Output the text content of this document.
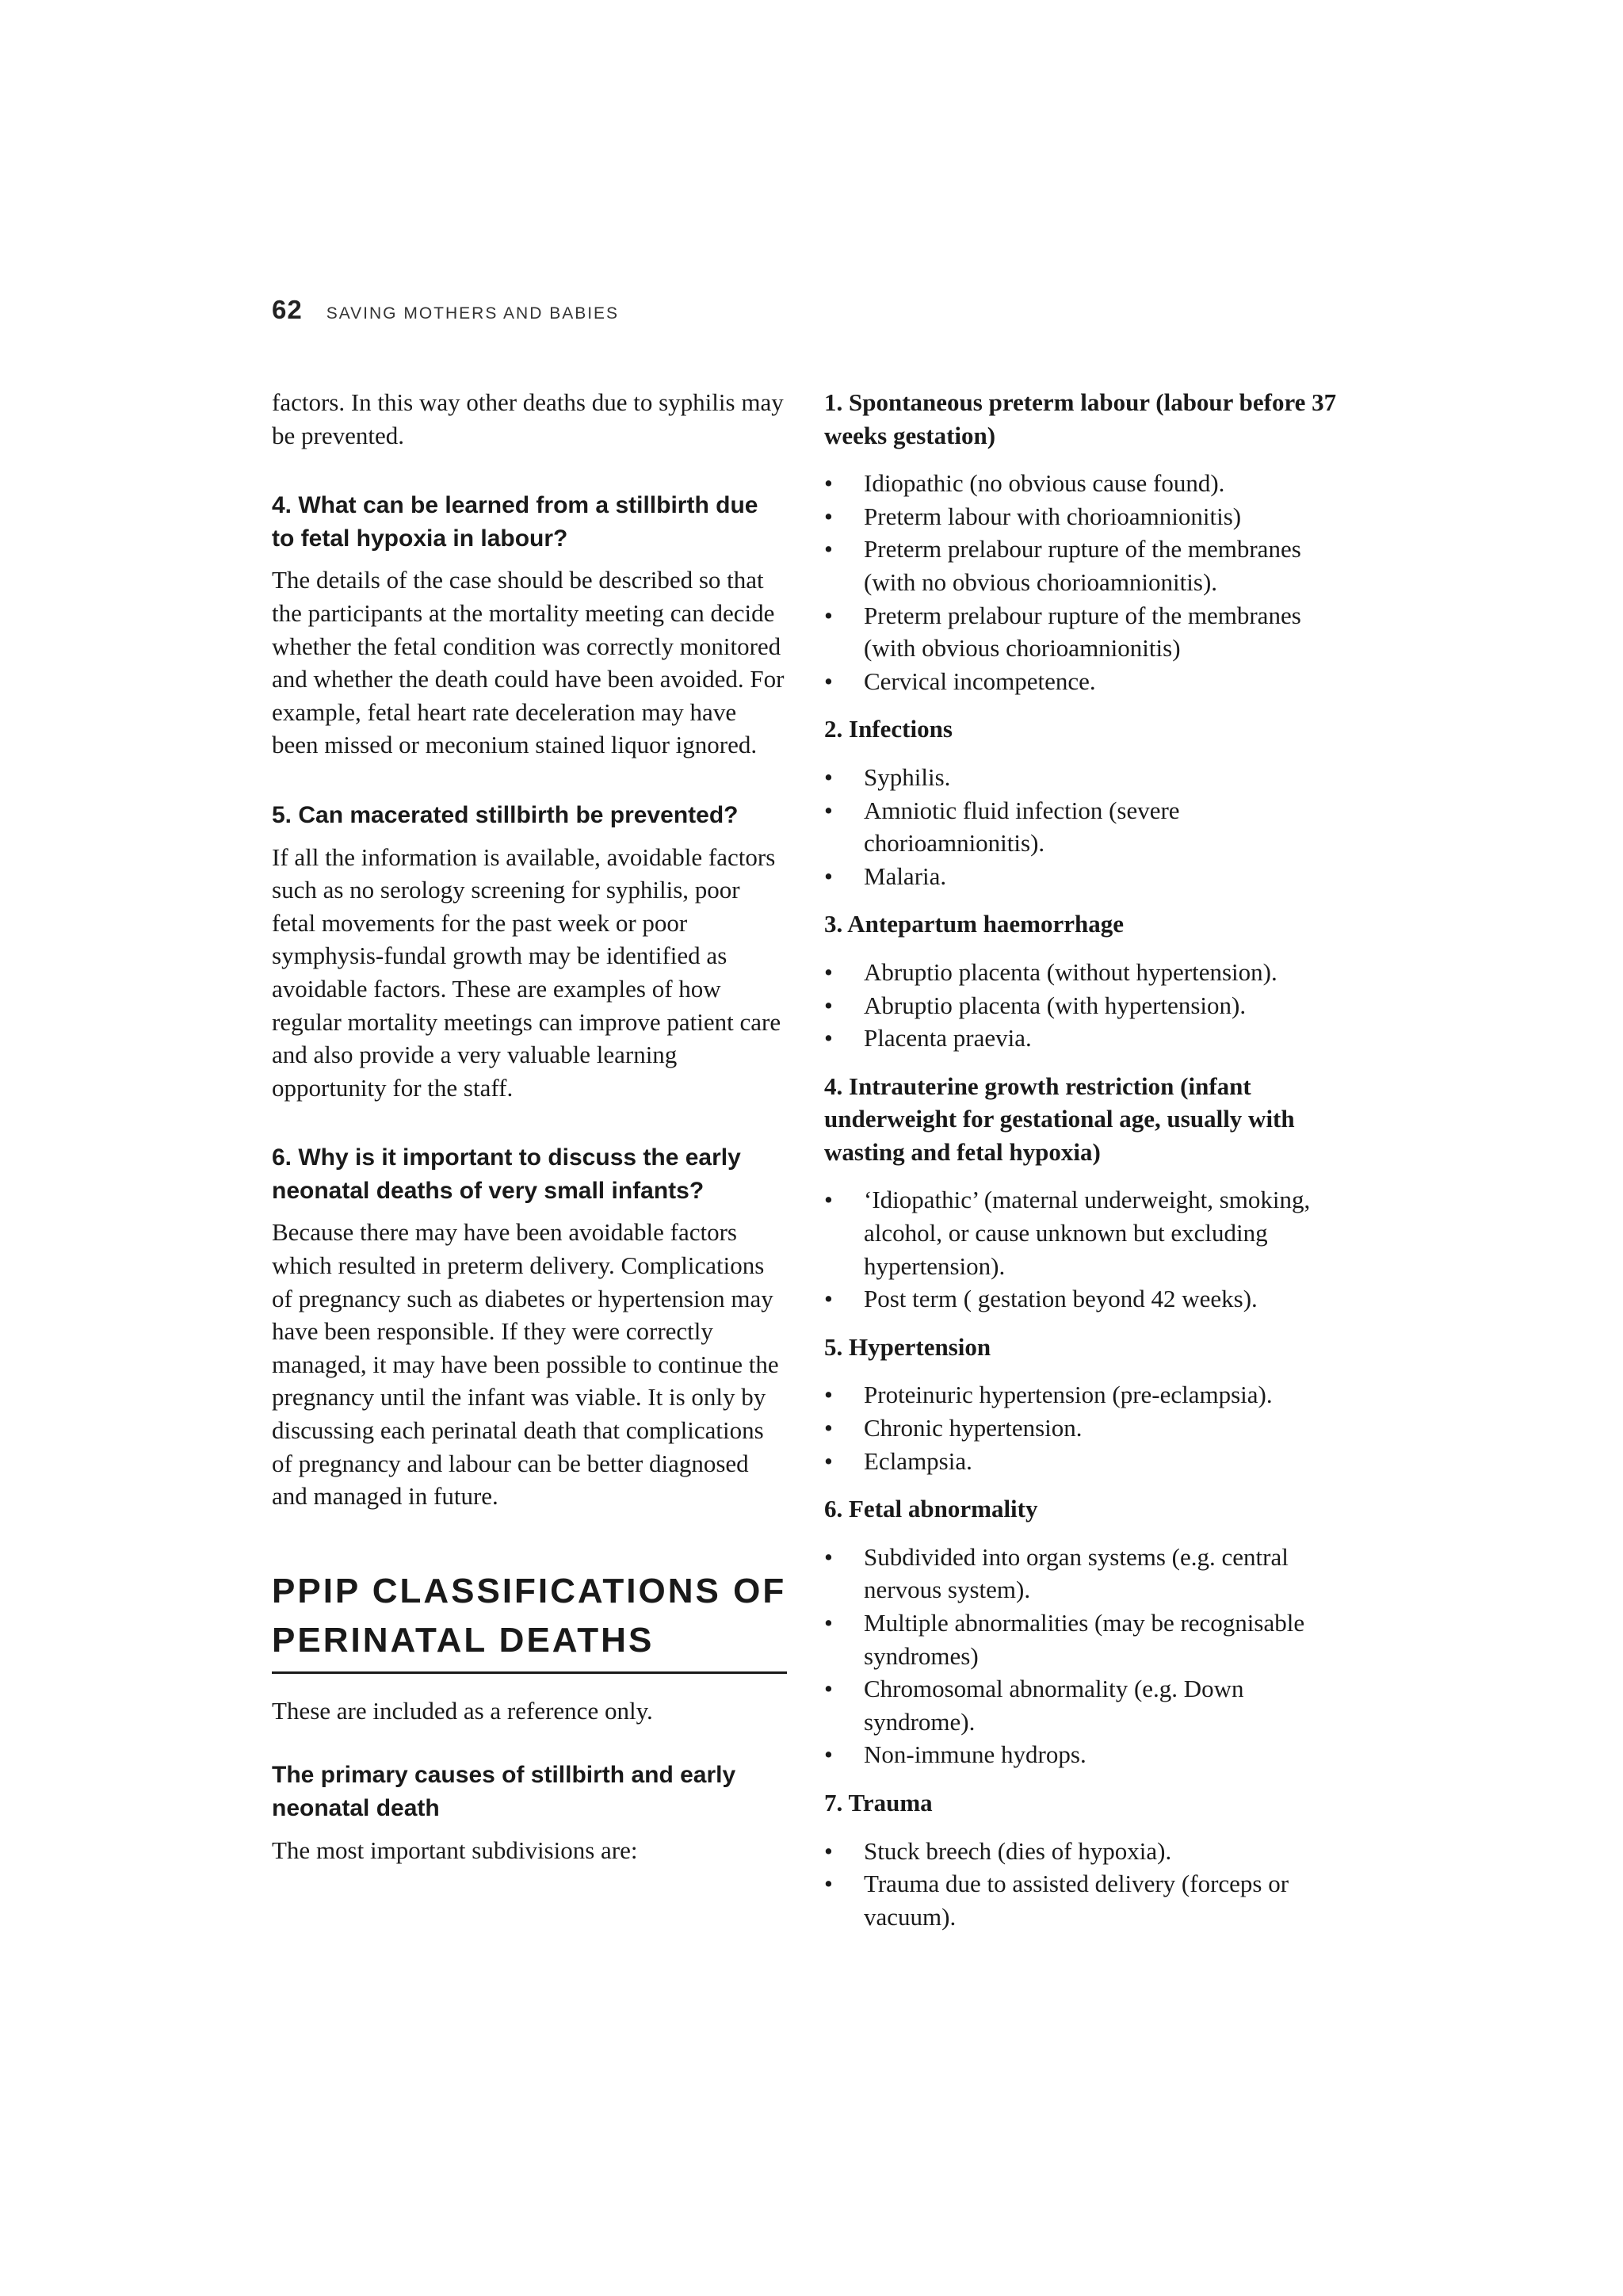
62 SAVING MOTHERS AND BABIES

factors. In this way other deaths due to syphilis may be prevented.

4. What can be learned from a stillbirth due to fetal hypoxia in labour?

The details of the case should be described so that the participants at the mortality meeting can decide whether the fetal condition was correctly monitored and whether the death could have been avoided. For example, fetal heart rate deceleration may have been missed or meconium stained liquor ignored.

5. Can macerated stillbirth be prevented?

If all the information is available, avoidable factors such as no serology screening for syphilis, poor fetal movements for the past week or poor symphysis-fundal growth may be identified as avoidable factors. These are examples of how regular mortality meetings can improve patient care and also provide a very valuable learning opportunity for the staff.

6. Why is it important to discuss the early neonatal deaths of very small infants?

Because there may have been avoidable factors which resulted in preterm delivery. Complications of pregnancy such as diabetes or hypertension may have been responsible. If they were correctly managed, it may have been possible to continue the pregnancy until the infant was viable. It is only by discussing each perinatal death that complications of pregnancy and labour can be better diagnosed and managed in future.

PPIP CLASSIFICATIONS OF
PERINATAL DEATHS

These are included as a reference only.

The primary causes of stillbirth and early neonatal death

The most important subdivisions are:

1. Spontaneous preterm labour (labour before 37 weeks gestation)
• Idiopathic (no obvious cause found).
• Preterm labour with chorioamnionitis)
• Preterm prelabour rupture of the membranes (with no obvious chorioamnionitis).
• Preterm prelabour rupture of the membranes (with obvious chorioamnionitis)
• Cervical incompetence.
2. Infections
• Syphilis.
• Amniotic fluid infection (severe chorioamnionitis).
• Malaria.
3. Antepartum haemorrhage
• Abruptio placenta (without hypertension).
• Abruptio placenta (with hypertension).
• Placenta praevia.
4. Intrauterine growth restriction (infant underweight for gestational age, usually with wasting and fetal hypoxia)
• ‘Idiopathic’ (maternal underweight, smoking, alcohol, or cause unknown but excluding hypertension).
• Post term ( gestation beyond 42 weeks).
5. Hypertension
• Proteinuric hypertension (pre-eclampsia).
• Chronic hypertension.
• Eclampsia.
6. Fetal abnormality
• Subdivided into organ systems (e.g. central nervous system).
• Multiple abnormalities (may be recognisable syndromes)
• Chromosomal abnormality (e.g. Down syndrome).
• Non-immune hydrops.
7. Trauma
• Stuck breech (dies of hypoxia).
• Trauma due to assisted delivery (forceps or vacuum).
